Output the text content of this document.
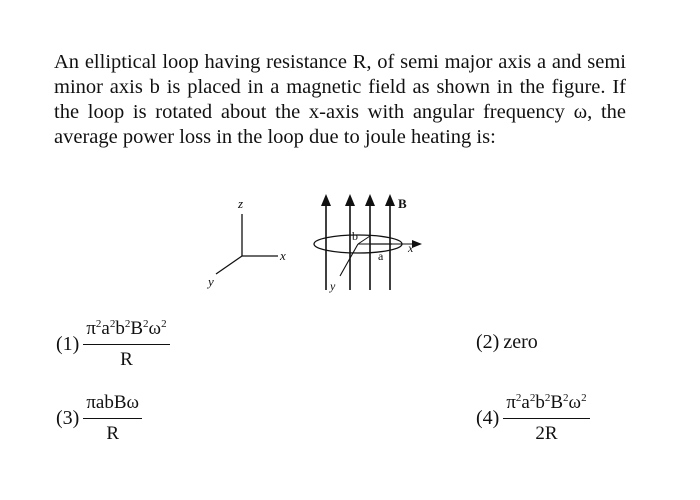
An elliptical loop having resistance R, of semi major axis a and semi minor axis b is placed in a magnetic field as shown in the figure. If the loop is rotated about the x-axis with angular frequency ω, the average power loss in the loop due to joule heating is:

z
x
y
B
x
y
b
a
$(1) \frac{\pi^2a^2b^2B^2\omega^2}{R}$	(2) zero
$(3) \frac{\text{πabBω}}{R}$	$(4) \frac{\pi^2a^2b^2B^2\omega^2}{2R}$
